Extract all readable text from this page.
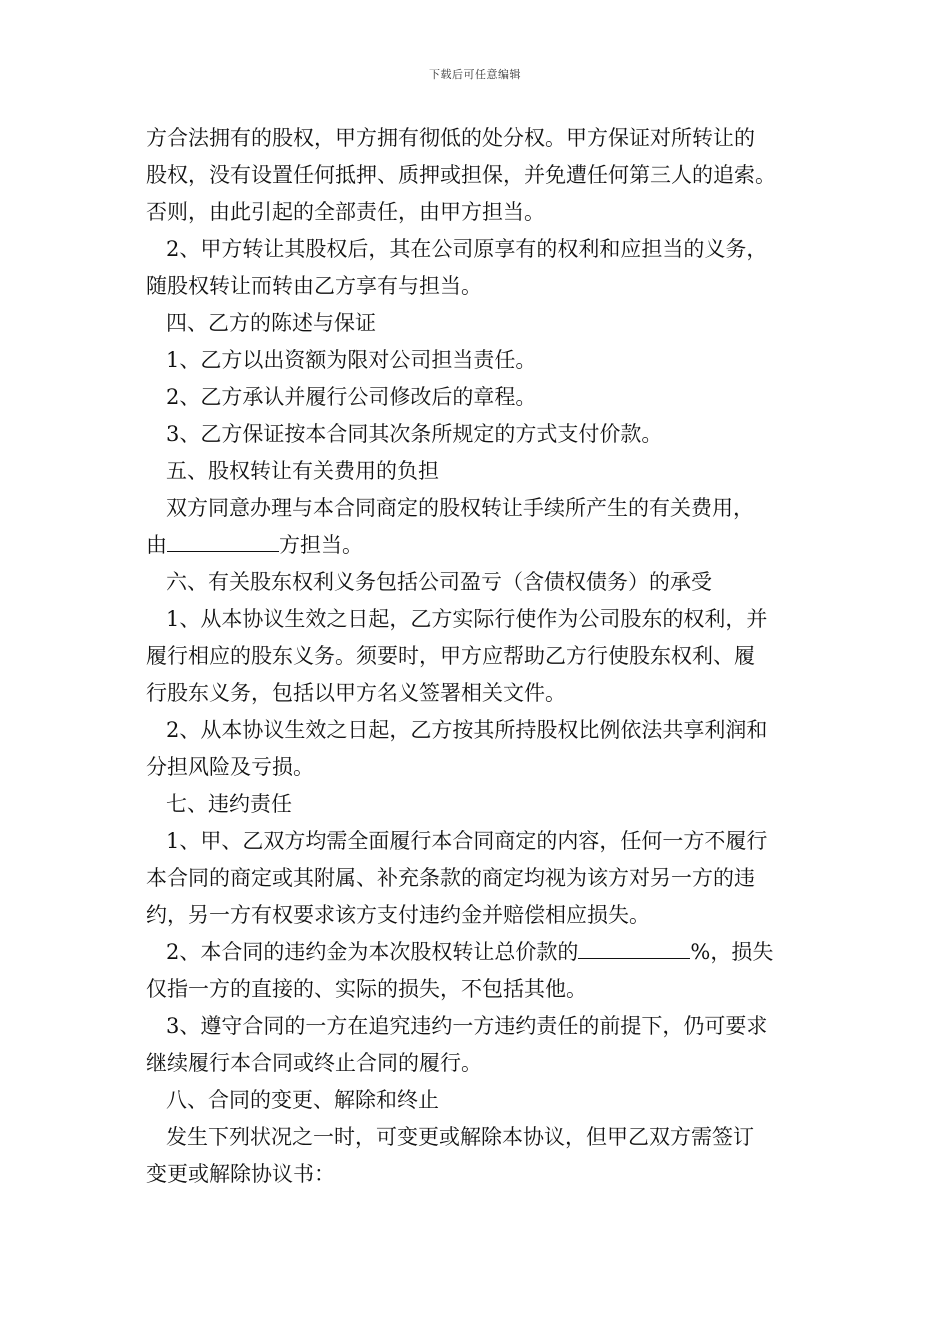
下载后可任意编辑
方合法拥有的股权，甲方拥有彻低的处分权。甲方保证对所转让的
股权，没有设置任何抵押、质押或担保，并免遭任何第三人的追索。
否则，由此引起的全部责任，由甲方担当。
2、甲方转让其股权后，其在公司原享有的权利和应担当的义务，
随股权转让而转由乙方享有与担当。
四、乙方的陈述与保证
1、乙方以出资额为限对公司担当责任。
2、乙方承认并履行公司修改后的章程。
3、乙方保证按本合同其次条所规定的方式支付价款。
五、股权转让有关费用的负担
双方同意办理与本合同商定的股权转让手续所产生的有关费用，
由	方担当。
六、有关股东权利义务包括公司盈亏（含债权债务）的承受
1、从本协议生效之日起，乙方实际行使作为公司股东的权利，并
履行相应的股东义务。须要时，甲方应帮助乙方行使股东权利、履
行股东义务，包括以甲方名义签署相关文件。
2、从本协议生效之日起，乙方按其所持股权比例依法共享利润和
分担风险及亏损。
七、违约责任
1、甲、乙双方均需全面履行本合同商定的内容，任何一方不履行
本合同的商定或其附属、补充条款的商定均视为该方对另一方的违
约，另一方有权要求该方支付违约金并赔偿相应损失。
2、本合同的违约金为本次股权转让总价款的	%，损失
仅指一方的直接的、实际的损失，不包括其他。
3、遵守合同的一方在追究违约一方违约责任的前提下，仍可要求
继续履行本合同或终止合同的履行。
八、合同的变更、解除和终止
发生下列状况之一时，可变更或解除本协议，但甲乙双方需签订
变更或解除协议书：
